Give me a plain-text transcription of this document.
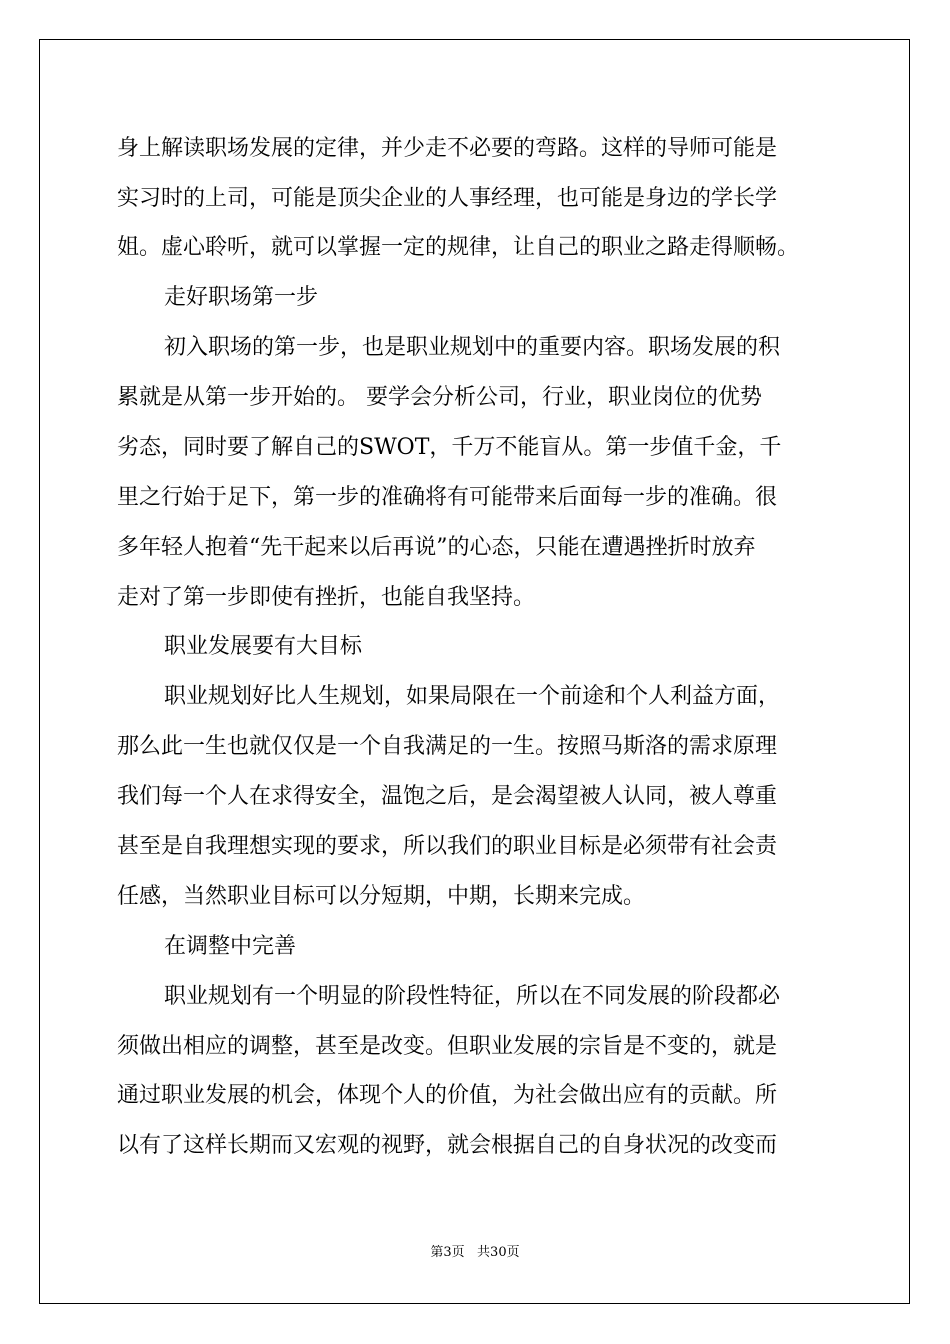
身上解读职场发展的定律，并少走不必要的弯路。这样的导师可能是
实习时的上司，可能是顶尖企业的人事经理，也可能是身边的学长学
姐。虚心聆听，就可以掌握一定的规律，让自己的职业之路走得顺畅。
走好职场第一步
初入职场的第一步，也是职业规划中的重要内容。职场发展的积
累就是从第一步开始的。 要学会分析公司，行业，职业岗位的优势
劣态，同时要了解自己的SWOT，千万不能盲从。第一步值千金，千
里之行始于足下，第一步的准确将有可能带来后面每一步的准确。很
多年轻人抱着“先干起来以后再说”的心态，只能在遭遇挫折时放弃
走对了第一步即使有挫折，也能自我坚持。
职业发展要有大目标
职业规划好比人生规划，如果局限在一个前途和个人利益方面，
那么此一生也就仅仅是一个自我满足的一生。按照马斯洛的需求原理
我们每一个人在求得安全，温饱之后，是会渴望被人认同，被人尊重
甚至是自我理想实现的要求，所以我们的职业目标是必须带有社会责
任感，当然职业目标可以分短期，中期，长期来完成。
在调整中完善
职业规划有一个明显的阶段性特征，所以在不同发展的阶段都必
须做出相应的调整，甚至是改变。但职业发展的宗旨是不变的，就是
通过职业发展的机会，体现个人的价值，为社会做出应有的贡献。所
以有了这样长期而又宏观的视野，就会根据自己的自身状况的改变而
第3页   共30页
